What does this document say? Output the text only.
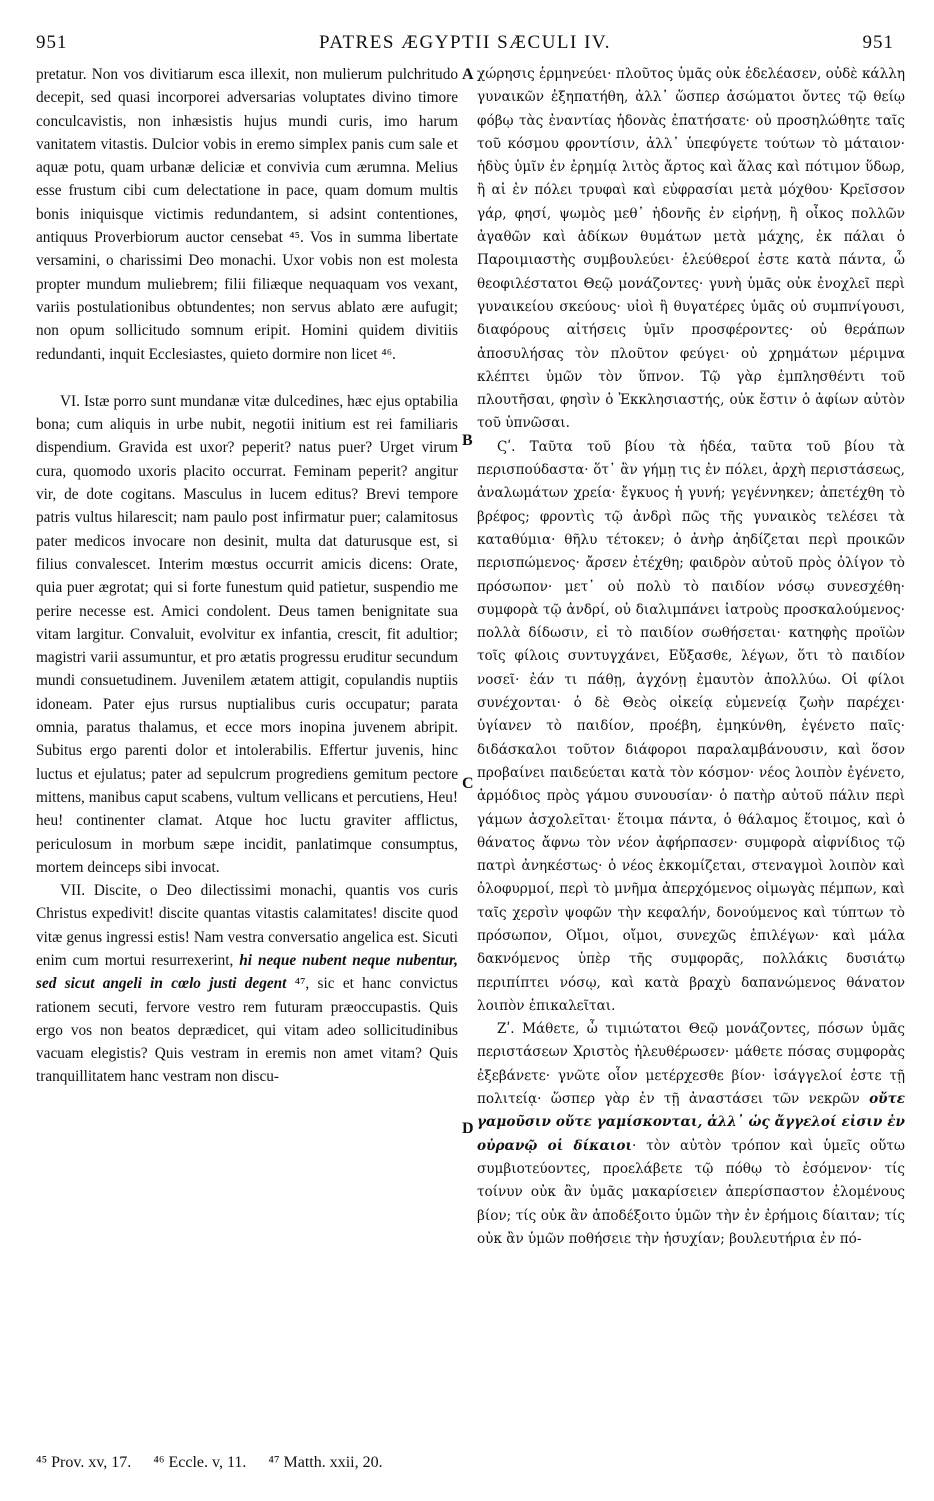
951	PATRES ÆGYPTII SÆCULI IV.	951

pretatur. Non vos divitiarum esca illexit, non mulierum pulchritudo decepit, sed quasi incorporei adversarias voluptates divino timore conculcavistis, non inhæsistis hujus mundi curis, imo harum vanitatem vitastis. Dulcior vobis in eremo simplex panis cum sale et aquæ potu, quam urbanæ deliciæ et convivia cum ærumna. Melius esse frustum cibi cum delectatione in pace, quam domum multis bonis iniquisque victimis redundantem, si adsint contentiones, antiquus Proverbiorum auctor censebat ⁴⁵. Vos in summa libertate versamini, o charissimi Deo monachi. Uxor vobis non est molesta propter mundum muliebrem; filii filiæque nequaquam vos vexant, variis postulationibus obtundentes; non servus ablato ære aufugit; non opum sollicitudo somnum eripit. Homini quidem divitiis redundanti, inquit Ecclesiastes, quieto dormire non licet ⁴⁶.

VI. Istæ porro sunt mundanæ vitæ dulcedines, hæc ejus optabilia bona; cum aliquis in urbe nubit, negotii initium est rei familiaris dispendium. Gravida est uxor? peperit? natus puer? Urget virum cura, quomodo uxoris placito occurrat. Feminam peperit? angitur vir, de dote cogitans. Masculus in lucem editus? Brevi tempore patris vultus hilarescit; nam paulo post infirmatur puer; calamitosus pater medicos invocare non desinit, multa dat daturusque est, si filius convalescet. Interim mœstus occurrit amicis dicens: Orate, quia puer ægrotat; qui si forte funestum quid patietur, suspendio me perire necesse est. Amici condolent. Deus tamen benignitate sua vitam largitur. Convaluit, evolvitur ex infantia, crescit, fit adultior; magistri varii assumuntur, et pro ætatis progressu eruditur secundum mundi consuetudinem. Juvenilem ætatem attigit, copulandis nuptiis idoneam. Pater ejus rursus nuptialibus curis occupatur; parata omnia, paratus thalamus, et ecce mors inopina juvenem abripit. Subitus ergo parenti dolor et intolerabilis. Effertur juvenis, hinc luctus et ejulatus; pater ad sepulcrum progrediens gemitum pectore mittens, manibus caput scabens, vultum vellicans et percutiens, Heu! heu! continenter clamat. Atque hoc luctu graviter afflictus, periculosum in morbum sæpe incidit, panlatimque consumptus, mortem deinceps sibi invocat.

VII. Discite, o Deo dilectissimi monachi, quantis vos curis Christus expedivit! discite quantas vitastis calamitates! discite quod vitæ genus ingressi estis! Nam vestra conversatio angelica est. Sicuti enim cum mortui resurrexerint, hi neque nubent neque nubentur, sed sicut angeli in cœlo justi degent ⁴⁷, sic et hanc convictus rationem secuti, fervore vestro rem futuram præoccupastis. Quis ergo vos non beatos deprædicet, qui vitam adeo sollicitudinibus vacuam elegistis? Quis vestram in eremis non amet vitam? Quis tranquillitatem hanc vestram non discu-

A
B
C
D

χώρησις ἑρμηνεύει· πλοῦτος ὑμᾶς οὐκ ἐδελέασεν, οὐδὲ κάλλη γυναικῶν ἐξηπατήθη, ἀλλ᾽ ὥσπερ ἀσώματοι ὄντες τῷ θείῳ φόβῳ τὰς ἐναντίας ἡδονὰς ἐπατήσατε· οὐ προσηλώθητε ταῖς τοῦ κόσμου φροντίσιν, ἀλλ᾽ ὑπεφύγετε τούτων τὸ μάταιον· ἡδὺς ὑμῖν ἐν ἐρημίᾳ λιτὸς ἄρτος καὶ ἅλας καὶ πότιμον ὕδωρ, ἢ αἱ ἐν πόλει τρυφαὶ καὶ εὐφρασίαι μετὰ μόχθου· Κρεῖσσον γάρ, φησί, ψωμὸς μεθ᾽ ἡδονῆς ἐν εἰρήνῃ, ἢ οἶκος πολλῶν ἀγαθῶν καὶ ἀδίκων θυμάτων μετὰ μάχης, ἐκ πάλαι ὁ Παροιμιαστὴς συμβουλεύει· ἐλεύθεροί ἐστε κατὰ πάντα, ὦ θεοφιλέστατοι Θεῷ μονάζοντες· γυνὴ ὑμᾶς οὐκ ἐνοχλεῖ περὶ γυναικείου σκεύους· υἱοὶ ἢ θυγατέρες ὑμᾶς οὐ συμπνίγουσι, διαφόρους αἰτήσεις ὑμῖν προσφέροντες· οὐ θεράπων ἀποσυλήσας τὸν πλοῦτον φεύγει· οὐ χρημάτων μέριμνα κλέπτει ὑμῶν τὸν ὕπνον. Τῷ γὰρ ἐμπλησθέντι τοῦ πλουτῆσαι, φησὶν ὁ Ἐκκλησιαστής, οὐκ ἔστιν ὁ ἀφίων αὐτὸν τοῦ ὑπνῶσαι.

Ϛʹ. Ταῦτα τοῦ βίου τὰ ἡδέα, ταῦτα τοῦ βίου τὰ περισπούδαστα· ὅτ᾽ ἂν γήμῃ τις ἐν πόλει, ἀρχὴ περιστάσεως, ἀναλωμάτων χρεία· ἔγκυος ἡ γυνή; γεγέννηκεν; ἀπετέχθη τὸ βρέφος; φροντὶς τῷ ἀνδρὶ πῶς τῆς γυναικὸς τελέσει τὰ καταθύμια· θῆλυ τέτοκεν; ὁ ἀνὴρ ἀηδίζεται περὶ προικῶν περισπώμενος· ἄρσεν ἐτέχθη; φαιδρὸν αὐτοῦ πρὸς ὀλίγον τὸ πρόσωπον· μετ᾽ οὐ πολὺ τὸ παιδίον νόσῳ συνεσχέθη· συμφορὰ τῷ ἀνδρί, οὐ διαλιμπάνει ἰατροὺς προσκαλούμενος· πολλὰ δίδωσιν, εἰ τὸ παιδίον σωθήσεται· κατηφὴς προϊὼν τοῖς φίλοις συντυγχάνει, Εὔξασθε, λέγων, ὅτι τὸ παιδίον νοσεῖ· ἐάν τι πάθῃ, ἀγχόνῃ ἐμαυτὸν ἀπολλύω. Οἱ φίλοι συνέχονται· ὁ δὲ Θεὸς οἰκείᾳ εὐμενείᾳ ζωὴν παρέχει· ὑγίανεν τὸ παιδίον, προέβη, ἐμηκύνθη, ἐγένετο παῖς· διδάσκαλοι τοῦτον διάφοροι παραλαμβάνουσιν, καὶ ὅσον προβαίνει παιδεύεται κατὰ τὸν κόσμον· νέος λοιπὸν ἐγένετο, ἁρμόδιος πρὸς γάμου συνουσίαν· ὁ πατὴρ αὐτοῦ πάλιν περὶ γάμων ἀσχολεῖται· ἕτοιμα πάντα, ὁ θάλαμος ἕτοιμος, καὶ ὁ θάνατος ἄφνω τὸν νέον ἀφήρπασεν· συμφορὰ αἰφνίδιος τῷ πατρὶ ἀνηκέστως· ὁ νέος ἐκκομίζεται, στεναγμοὶ λοιπὸν καὶ ὀλοφυρμοί, περὶ τὸ μνῆμα ἀπερχόμενος οἰμωγὰς πέμπων, καὶ ταῖς χερσὶν ψοφῶν τὴν κεφαλήν, δονούμενος καὶ τύπτων τὸ πρόσωπον, Οἴμοι, οἴμοι, συνεχῶς ἐπιλέγων· καὶ μάλα δακνόμενος ὑπὲρ τῆς συμφορᾶς, πολλάκις δυσιάτῳ περιπίπτει νόσῳ, καὶ κατὰ βραχὺ δαπανώμενος θάνατον λοιπὸν ἐπικαλεῖται.

Ζʹ. Μάθετε, ὦ τιμιώτατοι Θεῷ μονάζοντες, πόσων ὑμᾶς περιστάσεων Χριστὸς ἠλευθέρωσεν· μάθετε πόσας συμφορὰς ἐξεβάνετε· γνῶτε οἷον μετέρχεσθε βίον· ἰσάγγελοί ἐστε τῇ πολιτείᾳ· ὥσπερ γὰρ ἐν τῇ ἀναστάσει τῶν νεκρῶν οὔτε γαμοῦσιν οὔτε γαμίσκονται, ἀλλ᾽ ὡς ἄγγελοί εἰσιν ἐν οὐρανῷ οἱ δίκαιοι· τὸν αὐτὸν τρόπον καὶ ὑμεῖς οὕτω συμβιοτεύοντες, προελάβετε τῷ πόθῳ τὸ ἐσόμενον· τίς τοίνυν οὐκ ἂν ὑμᾶς μακαρίσειεν ἀπερίσπαστον ἑλομένους βίον; τίς οὐκ ἂν ἀποδέξοιτο ὑμῶν τὴν ἐν ἐρήμοις δίαιταν; τίς οὐκ ἂν ὑμῶν ποθήσειε τὴν ἡσυχίαν; βουλευτήρια ἐν πό-

⁴⁵ Prov. xv, 17. ⁴⁶ Eccle. v, 11. ⁴⁷ Matth. xxii, 20.
